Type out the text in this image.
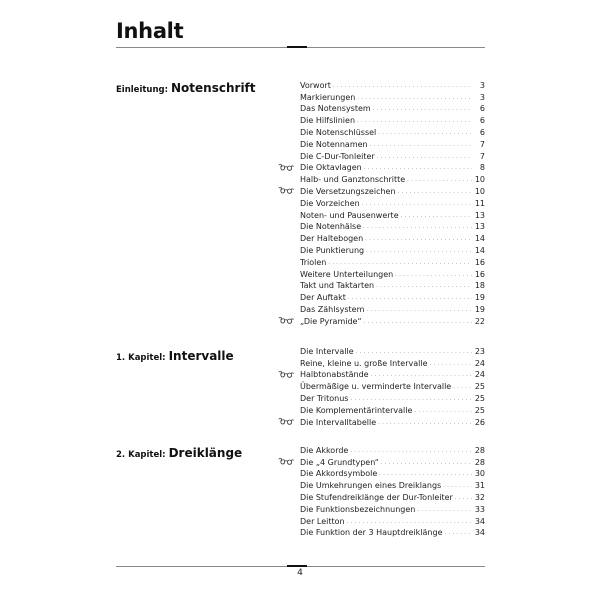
Inhalt
Einleitung: Notenschrift	Vorwort . . .	3
Markierungen . . .	3
Das Notensystem . . .	6
Die Hilfslinien . . .	6
Die Notenschlüssel . . .	6
Die Notennamen . . .	7
Die C-Dur-Tonleiter . . .	7
Die Oktavlagen . . .	8
Halb- und Ganztonschritte . . .	10
Die Versetzungszeichen . . .	10
Die Vorzeichen . . .	11
Noten- und Pausenwerte . . .	13
Die Notenhälse . . .	13
Der Haltebogen . . .	14
Die Punktierung . . .	14
Triolen . . .	16
Weitere Unterteilungen . . .	16
Takt und Taktarten . . .	18
Der Auftakt . . .	19
Das Zählsystem . . .	19
„Die Pyramide“ . . .	22
1. Kapitel: Intervalle	Die Intervalle . . .	23
Reine, kleine u. große Intervalle . . .	24
Halbtonabstände . . .	24
Übermäßige u. verminderte Intervalle . . .	25
Der Tritonus . . .	25
Die Komplementärintervalle . . .	25
Die Intervalltabelle . . .	26
2. Kapitel: Dreiklänge	Die Akkorde . . .	28
Die „4 Grundtypen“ . . .	28
Die Akkordsymbole . . .	30
Die Umkehrungen eines Dreiklangs . . .	31
Die Stufendreiklänge der Dur-Tonleiter . . .	32
Die Funktionsbezeichnungen . . .	33
Der Leitton . . .	34
Die Funktion der 3 Hauptdreiklänge . . .	34
4
